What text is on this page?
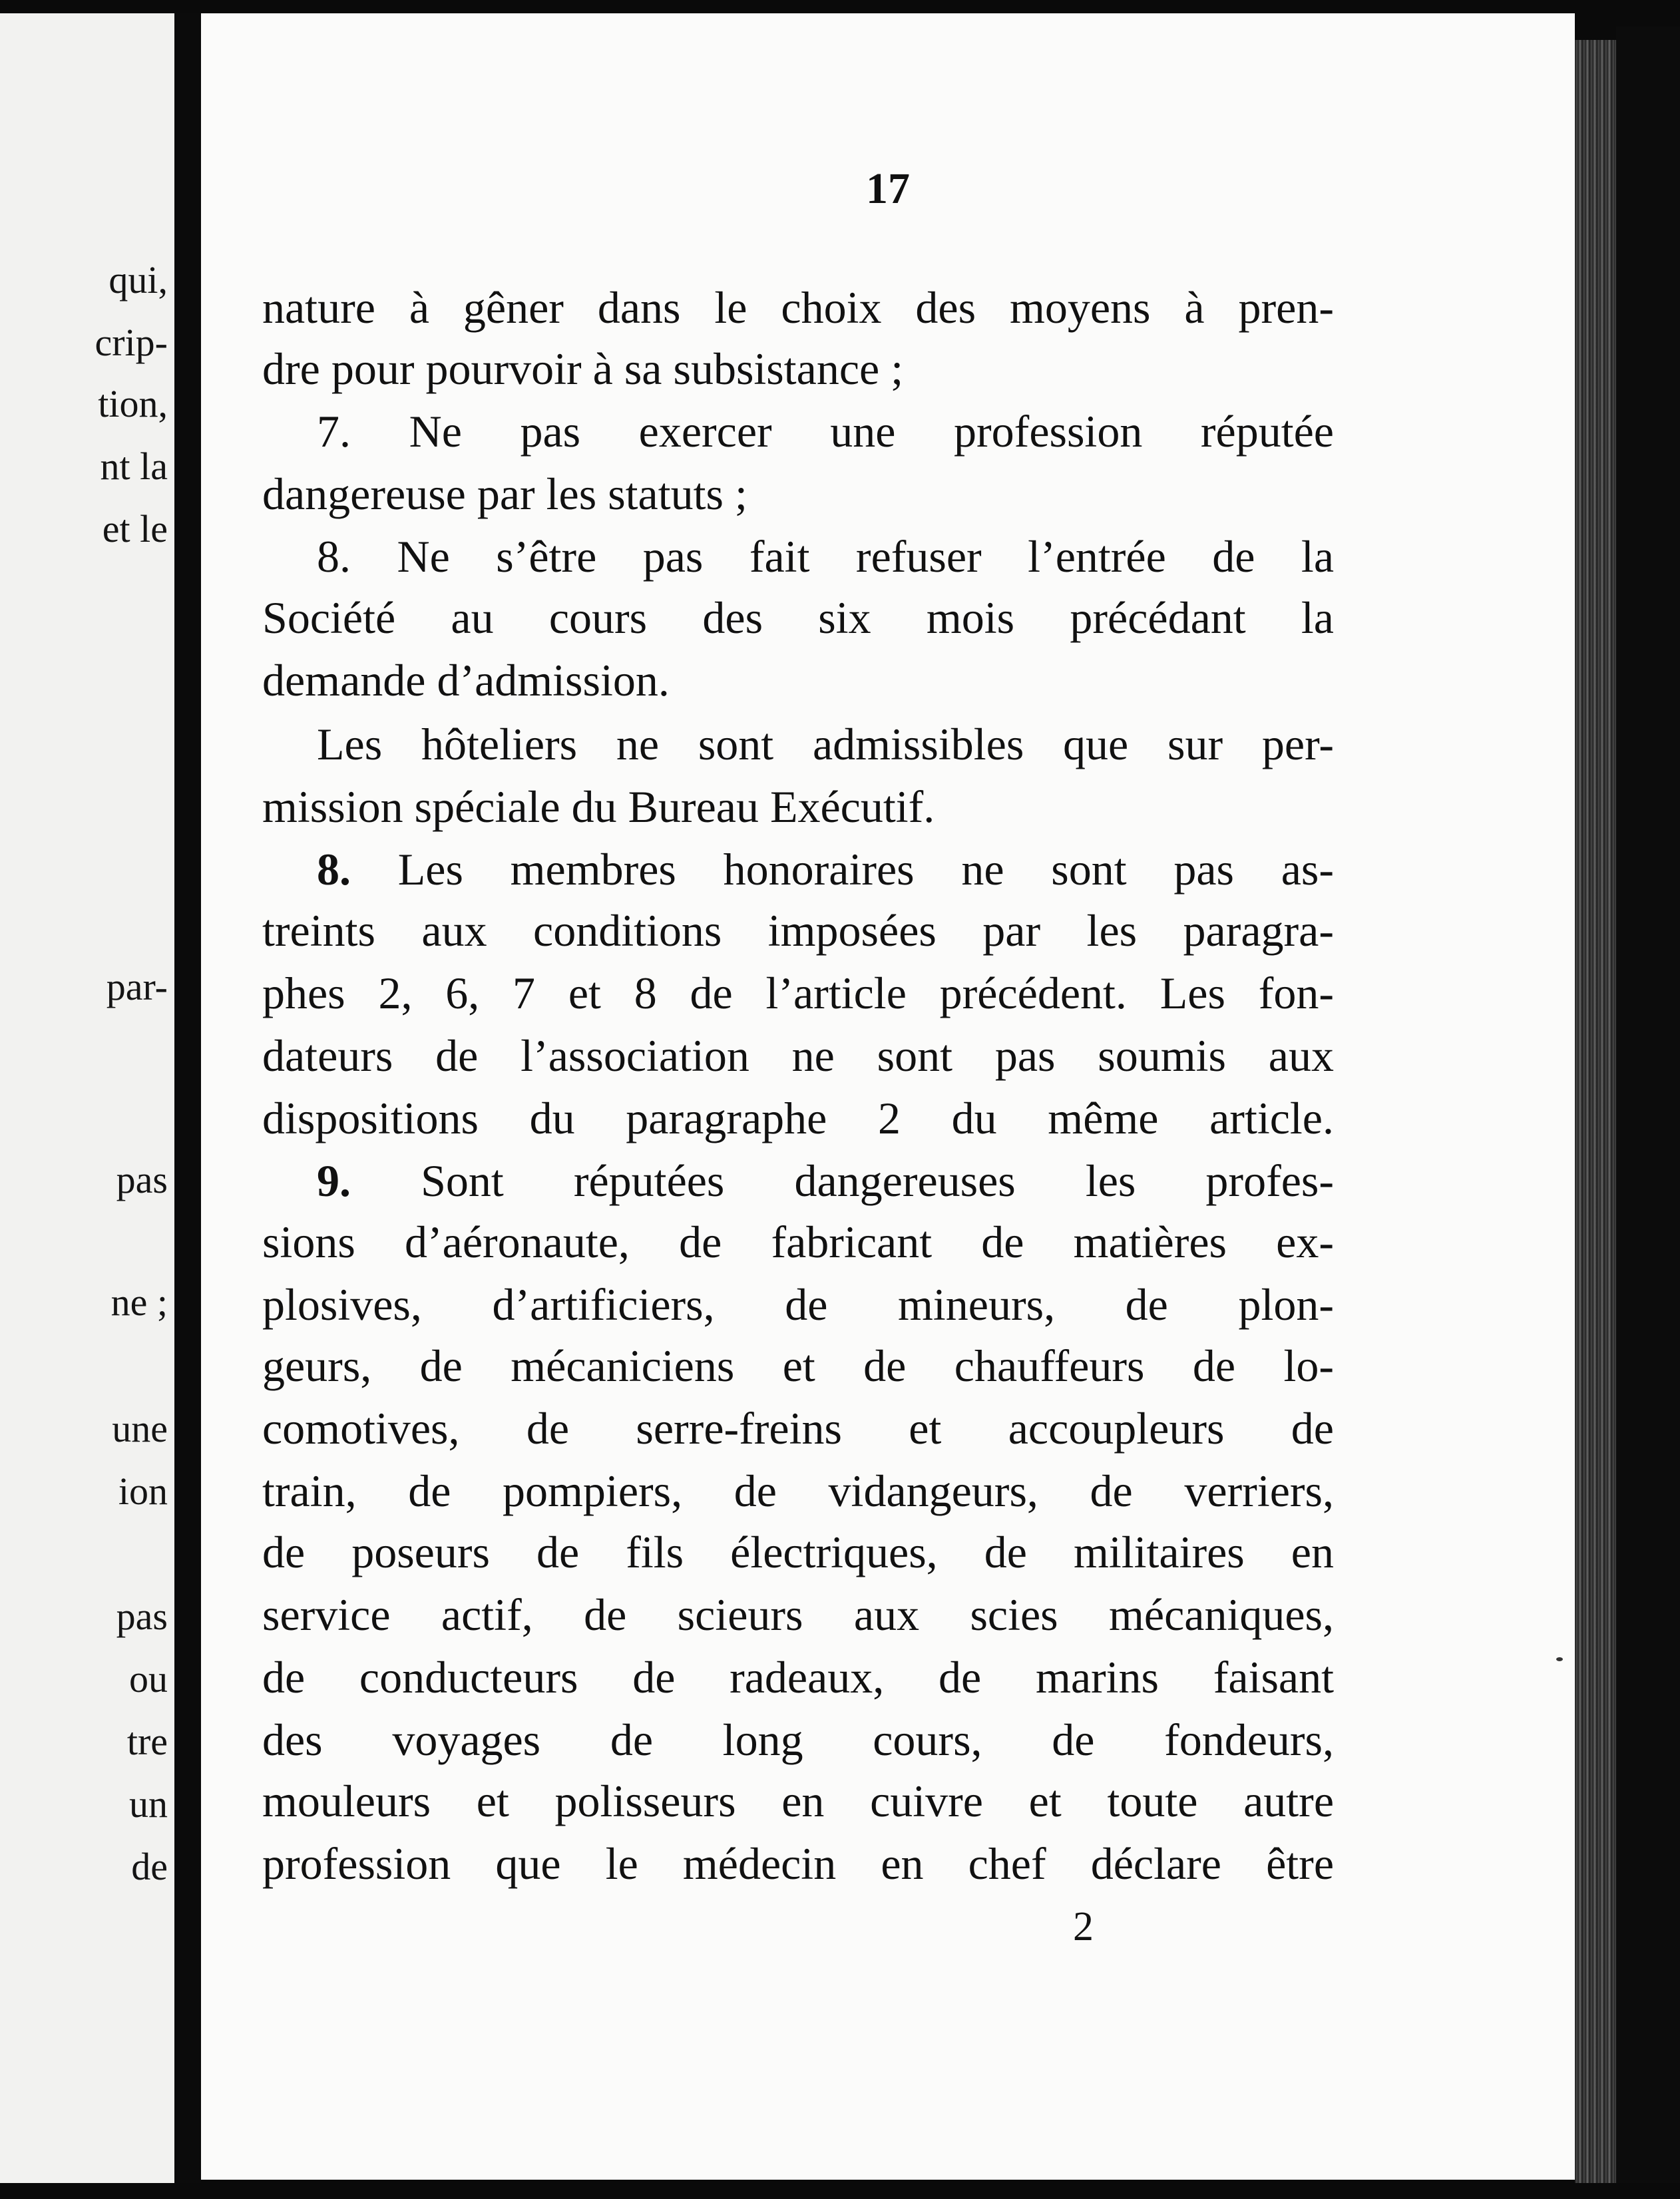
qui,

crip-

tion,

nt la

et le

par-

pas

ne ;

une

ion

pas

ou

tre

un

de

17

nature à gêner dans le choix des moyens à pren-

dre pour pourvoir à sa subsistance ;

7. Ne pas exercer une profession réputée

dangereuse par les statuts ;

8. Ne s’être pas fait refuser l’entrée de la

Société au cours des six mois précédant la

demande d’admission.

Les hôteliers ne sont admissibles que sur per-

mission spéciale du Bureau Exécutif.

8. Les membres honoraires ne sont pas as-

treints aux conditions imposées par les paragra-

phes 2, 6, 7 et 8 de l’article précédent. Les fon-

dateurs de l’association ne sont pas soumis aux

dispositions du paragraphe 2 du même article.

9. Sont réputées dangereuses les profes-

sions d’aéronaute, de fabricant de matières ex-

plosives, d’artificiers, de mineurs, de plon-

geurs, de mécaniciens et de chauffeurs de lo-

comotives, de serre-freins et accoupleurs de

train, de pompiers, de vidangeurs, de verriers,

de poseurs de fils électriques, de militaires en

service actif, de scieurs aux scies mécaniques,

de conducteurs de radeaux, de marins faisant

des voyages de long cours, de fondeurs,

mouleurs et polisseurs en cuivre et toute autre

profession que le médecin en chef déclare être

2
